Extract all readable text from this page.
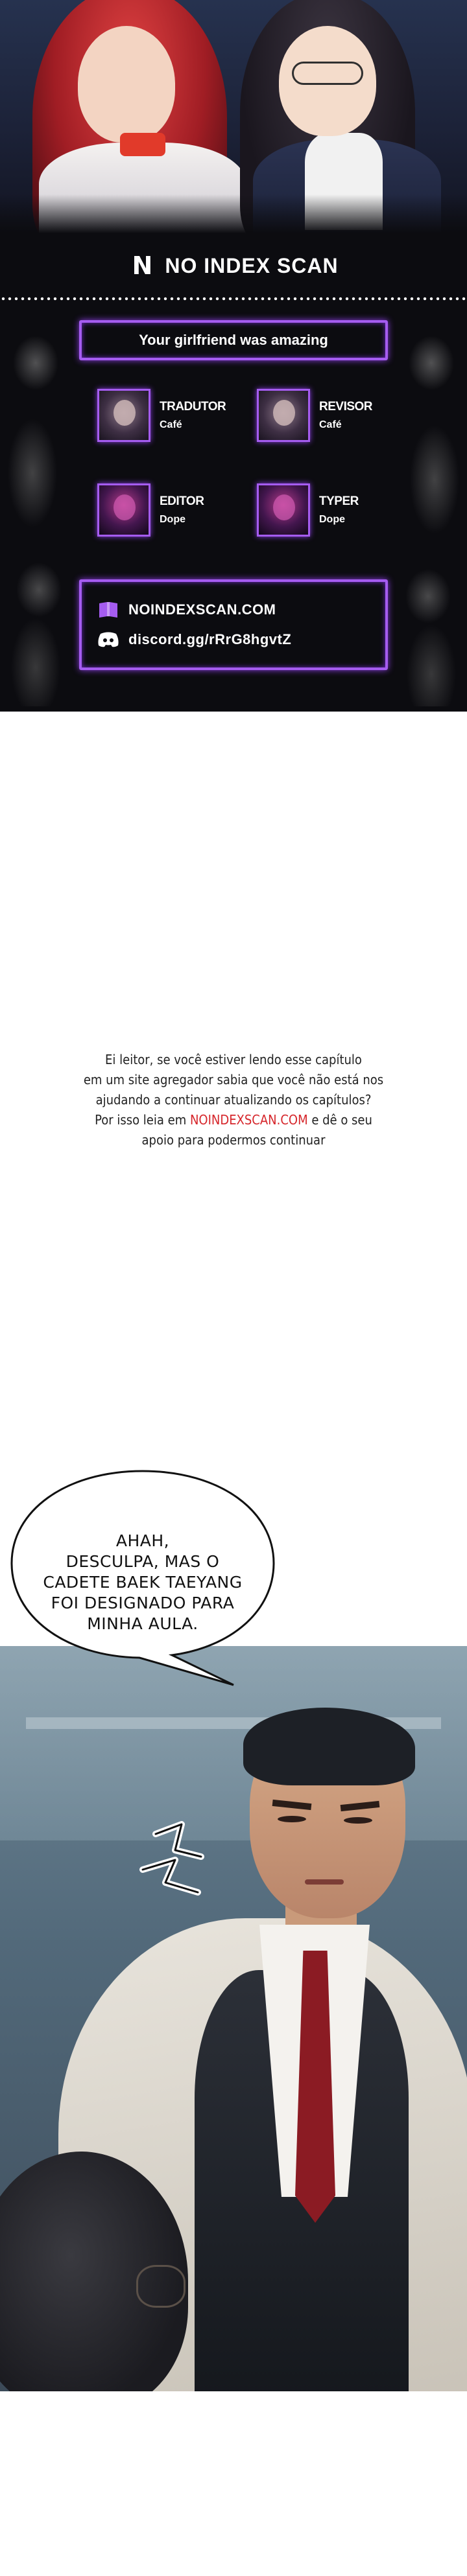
N NO INDEX SCAN
Your girlfriend was amazing
TRADUTOR
Café
REVISOR
Café
EDITOR
Dope
TYPER
Dope
NOINDEXSCAN.COM
discord.gg/rRrG8hgvtZ
Ei leitor, se você estiver lendo esse capítulo
em um site agregador sabia que você não está nos
ajudando a continuar atualizando os capítulos?
Por isso leia em NOINDEXSCAN.COM e dê o seu
apoio para podermos continuar
AHAH,
DESCULPA, MAS O
CADETE BAEK TAEYANG
FOI DESIGNADO PARA
MINHA AULA.
